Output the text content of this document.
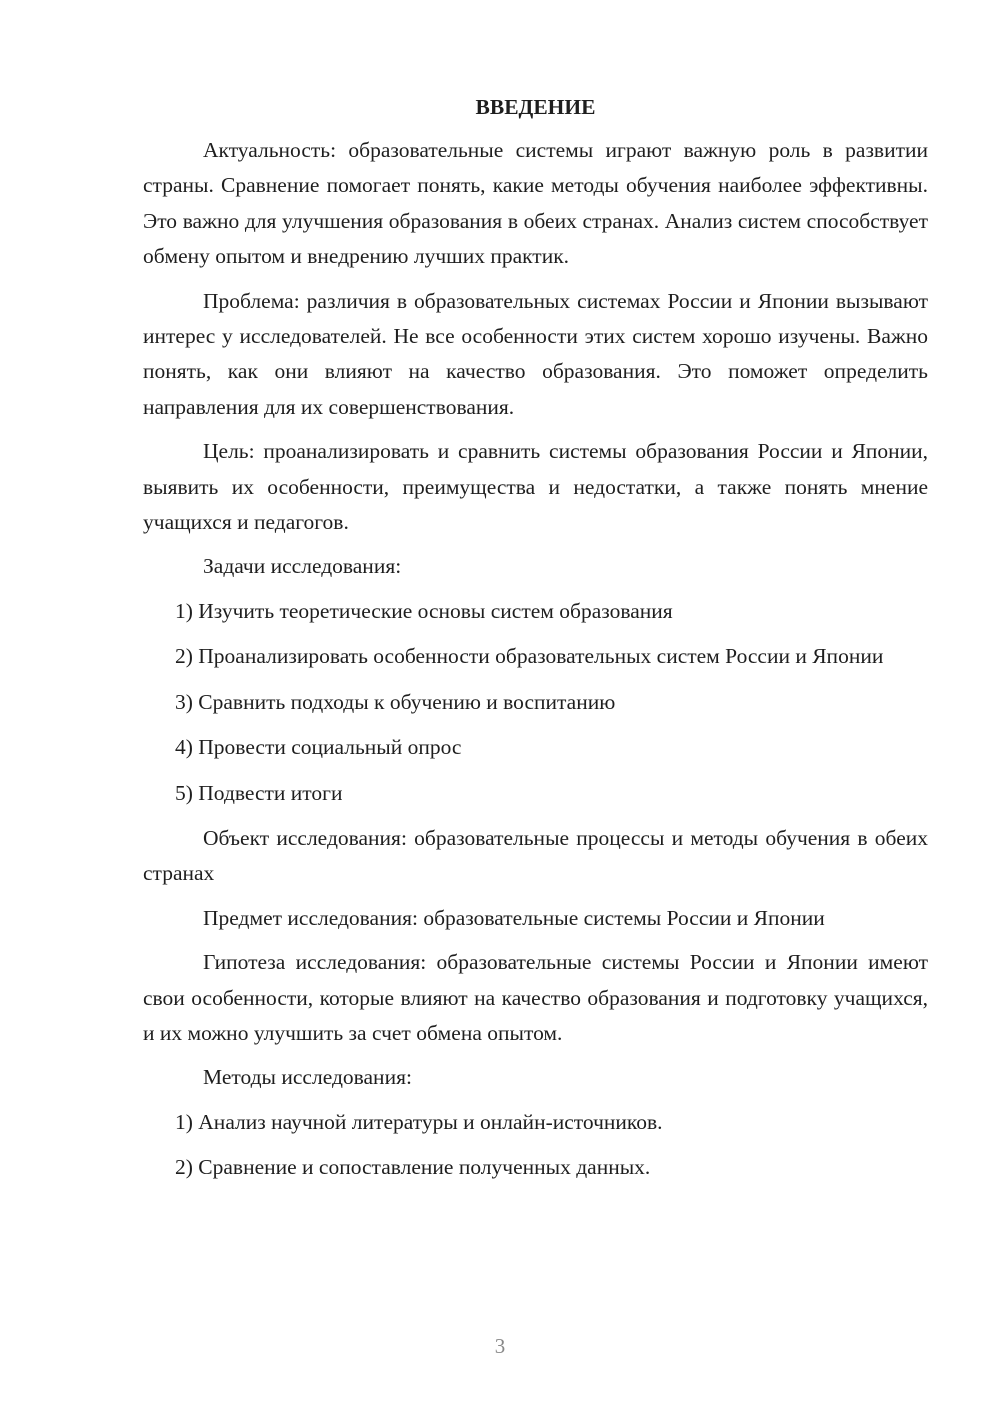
ВВЕДЕНИЕ

Актуальность: образовательные системы играют важную роль в развитии страны. Сравнение помогает понять, какие методы обучения наиболее эффективны. Это важно для улучшения образования в обеих странах. Анализ систем способствует обмену опытом и внедрению лучших практик.

Проблема: различия в образовательных системах России и Японии вызывают интерес у исследователей. Не все особенности этих систем хорошо изучены. Важно понять, как они влияют на качество образования. Это поможет определить направления для их совершенствования.

Цель: проанализировать и сравнить системы образования России и Японии, выявить их особенности, преимущества и недостатки, а также понять мнение учащихся и педагогов.

Задачи исследования:

1) Изучить теоретические основы систем образования

2) Проанализировать особенности образовательных систем России и Японии

3) Сравнить подходы к обучению и воспитанию

4) Провести социальный опрос

5) Подвести итоги

Объект исследования: образовательные процессы и методы обучения в обеих странах

Предмет исследования: образовательные системы России и Японии

Гипотеза исследования: образовательные системы России и Японии имеют свои особенности, которые влияют на качество образования и подготовку учащихся, и их можно улучшить за счет обмена опытом.

Методы исследования:

1) Анализ научной литературы и онлайн-источников.

2) Сравнение и сопоставление полученных данных.

3
